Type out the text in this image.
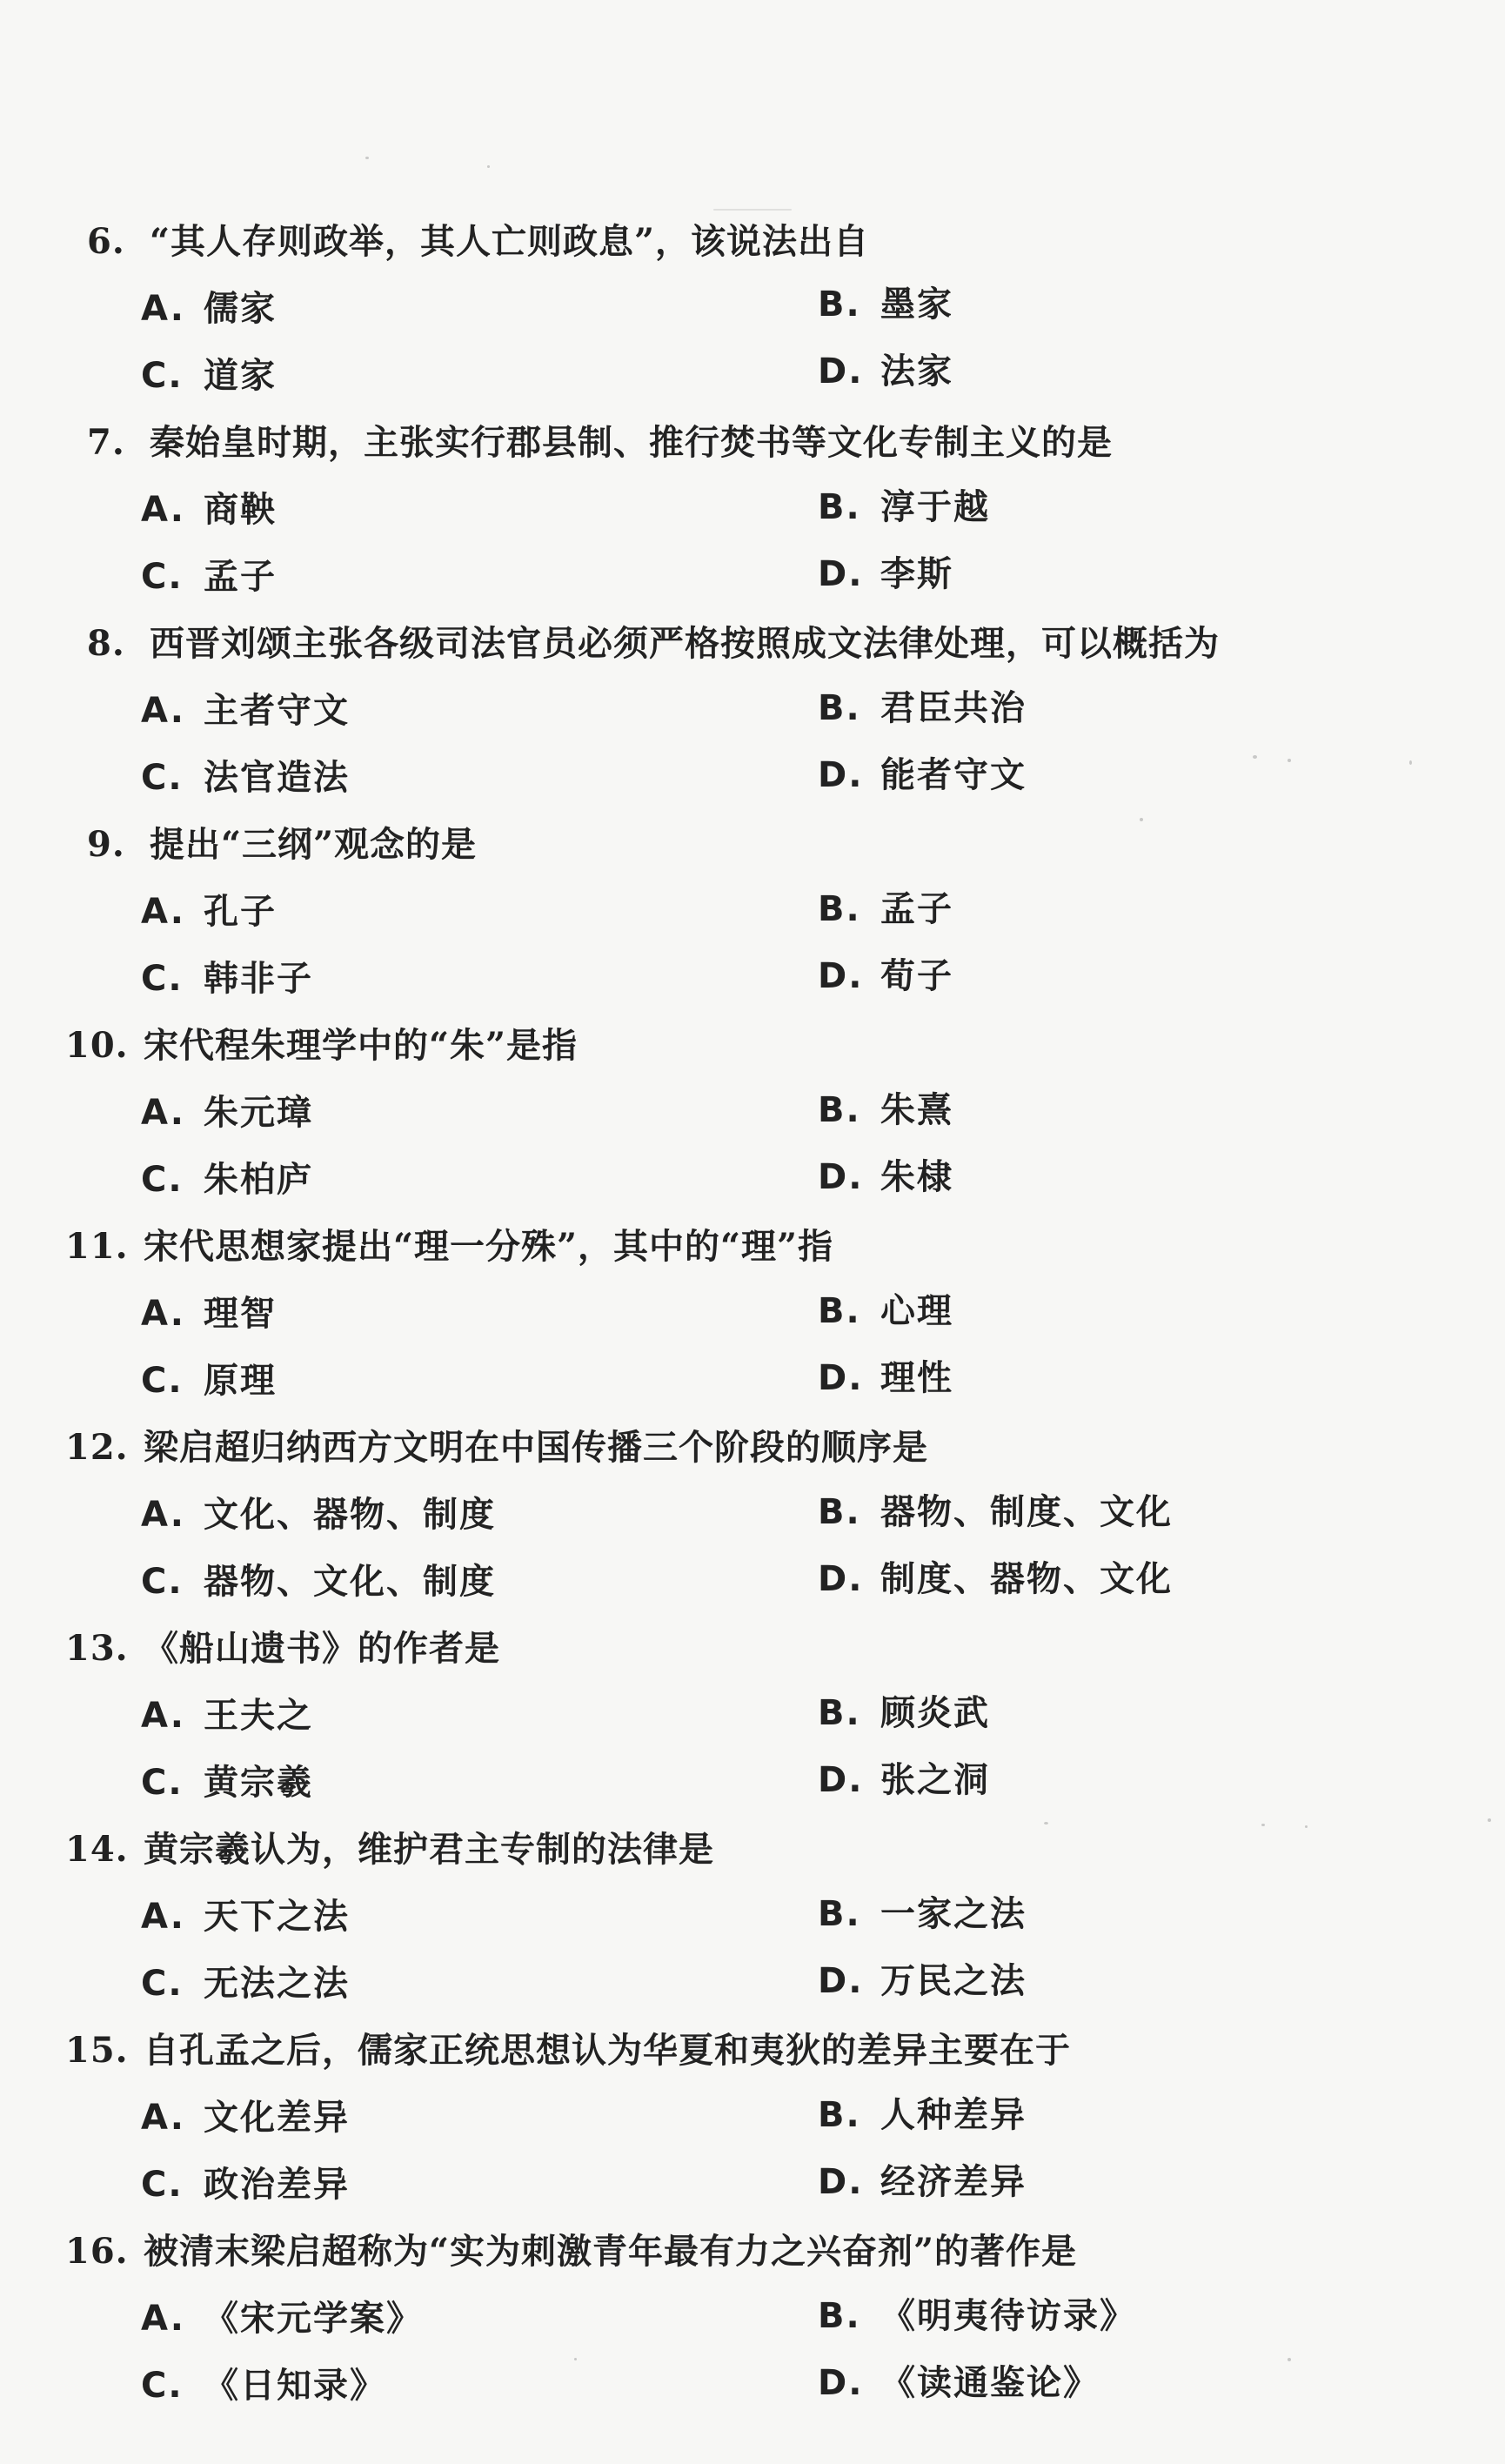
6. “其人存则政举，其人亡则政息”，该说法出自
A. 儒家	B. 墨家
C. 道家	D. 法家
7. 秦始皇时期，主张实行郡县制、推行焚书等文化专制主义的是
A. 商鞅	B. 淳于越
C. 孟子	D. 李斯
8. 西晋刘颂主张各级司法官员必须严格按照成文法律处理，可以概括为
A. 主者守文	B. 君臣共治
C. 法官造法	D. 能者守文
9. 提出“三纲”观念的是
A. 孔子	B. 孟子
C. 韩非子	D. 荀子
10. 宋代程朱理学中的“朱”是指
A. 朱元璋	B. 朱熹
C. 朱柏庐	D. 朱棣
11. 宋代思想家提出“理一分殊”，其中的“理”指
A. 理智	B. 心理
C. 原理	D. 理性
12. 梁启超归纳西方文明在中国传播三个阶段的顺序是
A. 文化、器物、制度	B. 器物、制度、文化
C. 器物、文化、制度	D. 制度、器物、文化
13. 《船山遗书》的作者是
A. 王夫之	B. 顾炎武
C. 黄宗羲	D. 张之洞
14. 黄宗羲认为，维护君主专制的法律是
A. 天下之法	B. 一家之法
C. 无法之法	D. 万民之法
15. 自孔孟之后，儒家正统思想认为华夏和夷狄的差异主要在于
A. 文化差异	B. 人种差异
C. 政治差异	D. 经济差异
16. 被清末梁启超称为“实为刺激青年最有力之兴奋剂”的著作是
A. 《宋元学案》	B. 《明夷待访录》
C. 《日知录》	D. 《读通鉴论》
